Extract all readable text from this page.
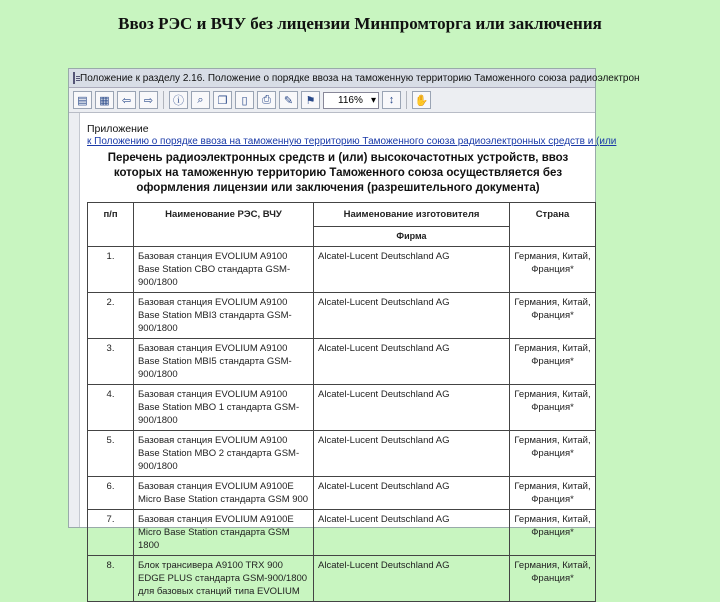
Ввоз РЭС и ВЧУ без лицензии Минпромторга или заключения
Положение к разделу 2.16. Положение о порядке ввоза на таможенную территорию Таможенного союза радиоэлектрон
▤	▦	⇦	⇨	ⓘ	⌕	❐	▯	⎙	✎	⚑	116% ▾	↕	✋
Приложение
к Положению о порядке ввоза на таможенную территорию Таможенного союза радиоэлектронных средств и (или
Перечень радиоэлектронных средств и (или) высокочастотных устройств, ввоз которых на таможенную территорию Таможенного союза осуществляется без оформления лицензии или заключения (разрешительного документа)
п/п	Наименование РЭС, ВЧУ	Наименование изготовителя	Страна
		Фирма	
1.	Базовая станция EVOLIUM A9100 Base Station CBO стандарта GSM-900/1800	Alcatel-Lucent Deutschland AG	Германия, Китай, Франция*
2.	Базовая станция EVOLIUM A9100 Base Station MBI3 стандарта GSM-900/1800	Alcatel-Lucent Deutschland AG	Германия, Китай, Франция*
3.	Базовая станция EVOLIUM A9100 Base Station MBI5 стандарта GSM-900/1800	Alcatel-Lucent Deutschland AG	Германия, Китай, Франция*
4.	Базовая станция EVOLIUM A9100 Base Station MBO 1 стандарта GSM-900/1800	Alcatel-Lucent Deutschland AG	Германия, Китай, Франция*
5.	Базовая станция EVOLIUM A9100 Base Station MBO 2 стандарта GSM-900/1800	Alcatel-Lucent Deutschland AG	Германия, Китай, Франция*
6.	Базовая станция EVOLIUM A9100E Micro Base Station стандарта GSM 900	Alcatel-Lucent Deutschland AG	Германия, Китай, Франция*
7.	Базовая станция EVOLIUM A9100E Micro Base Station стандарта GSM 1800	Alcatel-Lucent Deutschland AG	Германия, Китай, Франция*
8.	Блок трансивера A9100 TRX 900 EDGE PLUS стандарта GSM-900/1800 для базовых станций типа EVOLIUM	Alcatel-Lucent Deutschland AG	Германия, Китай, Франция*
